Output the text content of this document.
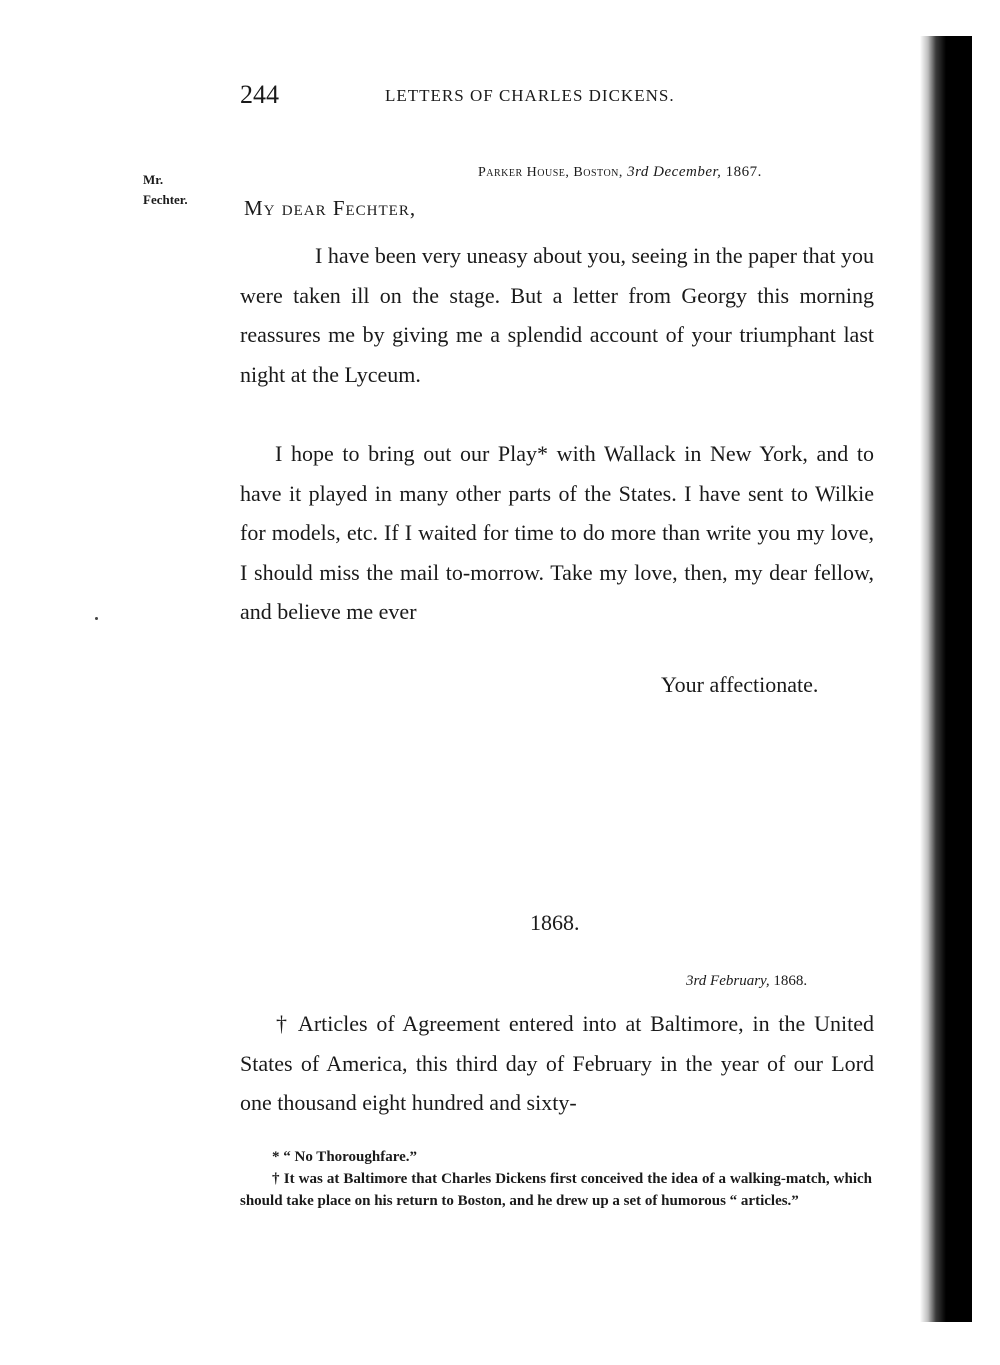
244	LETTERS OF CHARLES DICKENS.
Mr.
Fechter.
Parker House, Boston, 3rd December, 1867.
My dear Fechter,
I have been very uneasy about you, seeing in the paper that you were taken ill on the stage. But a letter from Georgy this morning reassures me by giving me a splendid account of your triumphant last night at the Lyceum.
I hope to bring out our Play* with Wallack in New York, and to have it played in many other parts of the States. I have sent to Wilkie for models, etc. If I waited for time to do more than write you my love, I should miss the mail to-morrow. Take my love, then, my dear fellow, and believe me ever
Your affectionate.
1868.
3rd February, 1868.
† Articles of Agreement entered into at Baltimore, in the United States of America, this third day of February in the year of our Lord one thousand eight hundred and sixty-
* “ No Thoroughfare.”
† It was at Baltimore that Charles Dickens first conceived the idea of a walking-match, which should take place on his return to Boston, and he drew up a set of humorous “ articles.”
